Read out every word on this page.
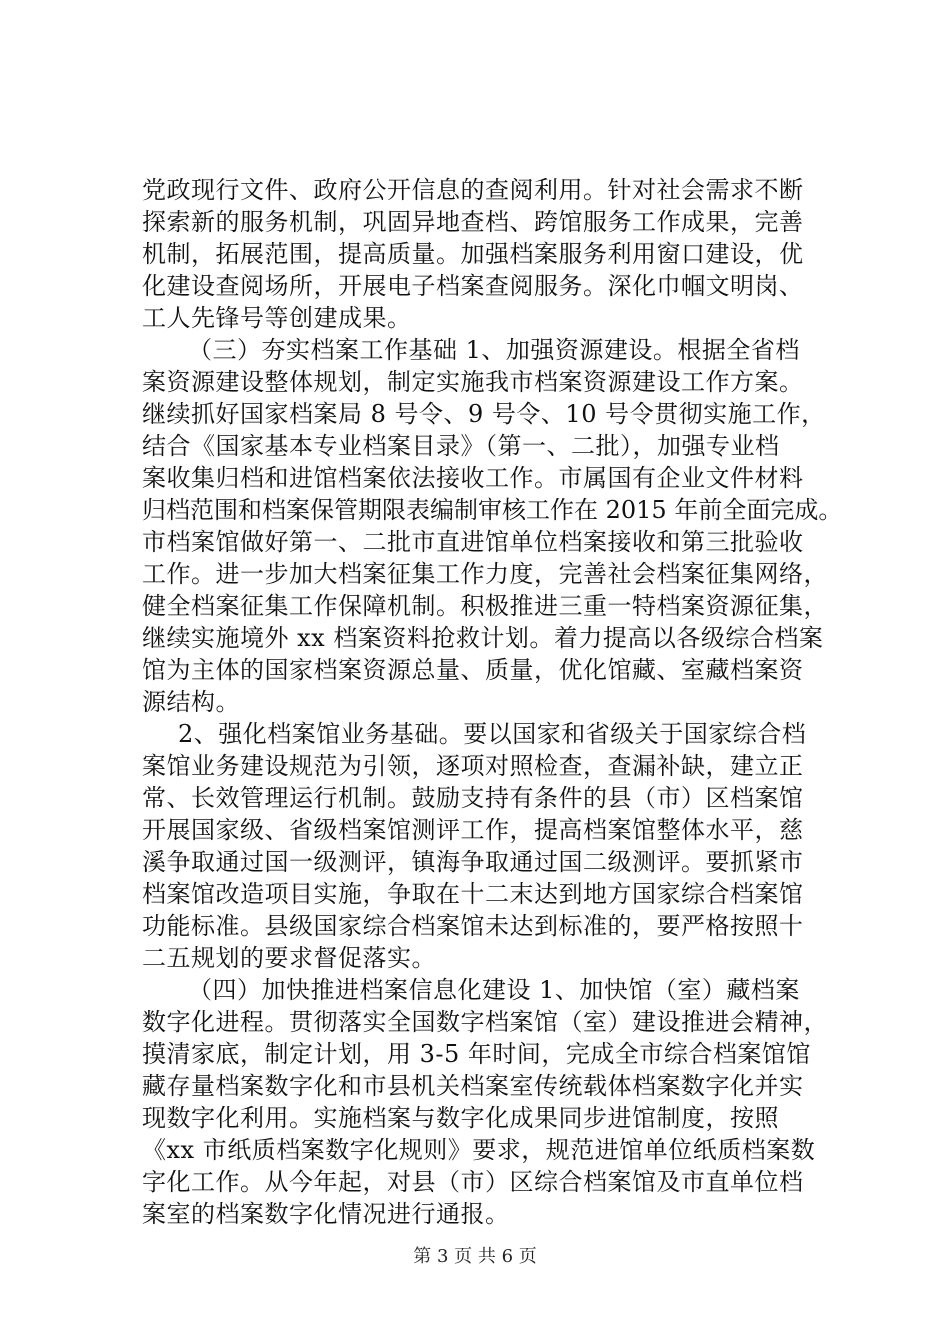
党政现行文件、政府公开信息的查阅利用。针对社会需求不断
探索新的服务机制，巩固异地查档、跨馆服务工作成果，完善
机制，拓展范围，提高质量。加强档案服务利用窗口建设，优
化建设查阅场所，开展电子档案查阅服务。深化巾帼文明岗、
工人先锋号等创建成果。
（三）夯实档案工作基础 1、加强资源建设。根据全省档
案资源建设整体规划，制定实施我市档案资源建设工作方案。
继续抓好国家档案局 8 号令、9 号令、10 号令贯彻实施工作，
结合《国家基本专业档案目录》（第一、二批），加强专业档
案收集归档和进馆档案依法接收工作。市属国有企业文件材料
归档范围和档案保管期限表编制审核工作在 2015 年前全面完成。
市档案馆做好第一、二批市直进馆单位档案接收和第三批验收
工作。进一步加大档案征集工作力度，完善社会档案征集网络，
健全档案征集工作保障机制。积极推进三重一特档案资源征集，
继续实施境外 xx 档案资料抢救计划。着力提高以各级综合档案
馆为主体的国家档案资源总量、质量，优化馆藏、室藏档案资
源结构。
2、强化档案馆业务基础。要以国家和省级关于国家综合档
案馆业务建设规范为引领，逐项对照检查，查漏补缺，建立正
常、长效管理运行机制。鼓励支持有条件的县（市）区档案馆
开展国家级、省级档案馆测评工作，提高档案馆整体水平，慈
溪争取通过国一级测评，镇海争取通过国二级测评。要抓紧市
档案馆改造项目实施，争取在十二末达到地方国家综合档案馆
功能标准。县级国家综合档案馆未达到标准的，要严格按照十
二五规划的要求督促落实。
（四）加快推进档案信息化建设 1、加快馆（室）藏档案
数字化进程。贯彻落实全国数字档案馆（室）建设推进会精神，
摸清家底，制定计划，用 3-5 年时间，完成全市综合档案馆馆
藏存量档案数字化和市县机关档案室传统载体档案数字化并实
现数字化利用。实施档案与数字化成果同步进馆制度，按照
《xx 市纸质档案数字化规则》要求，规范进馆单位纸质档案数
字化工作。从今年起，对县（市）区综合档案馆及市直单位档
案室的档案数字化情况进行通报。
第 3 页 共 6 页
